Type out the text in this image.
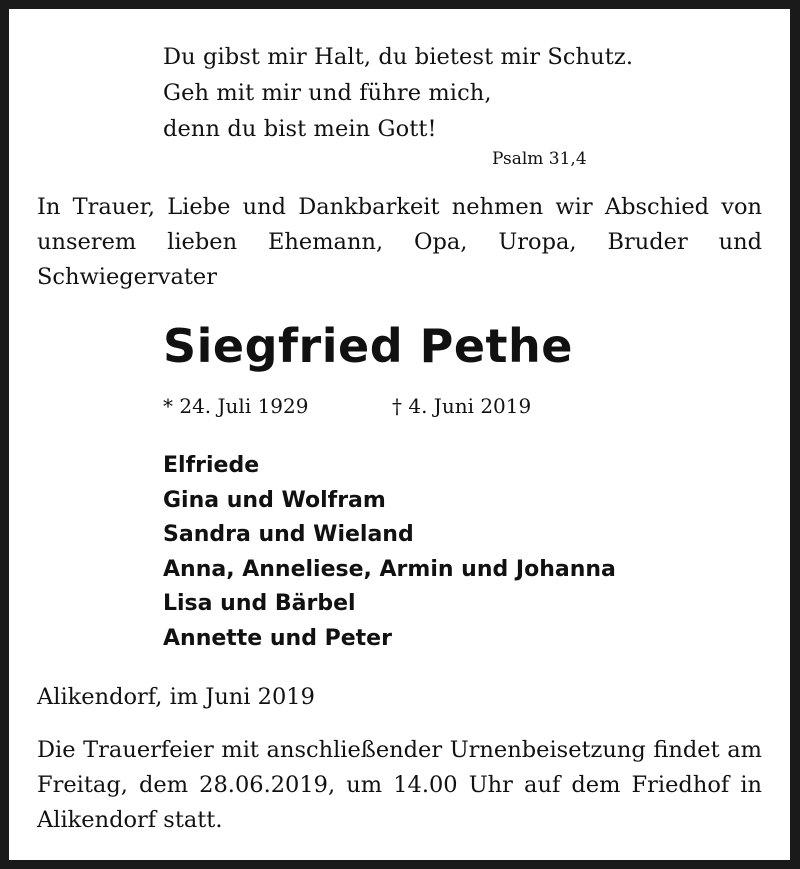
Du gibst mir Halt, du bietest mir Schutz.
Geh mit mir und führe mich,
denn du bist mein Gott!
Psalm 31,4
In Trauer, Liebe und Dankbarkeit nehmen wir Abschied von unserem lieben Ehemann, Opa, Uropa, Bruder und Schwiegervater
Siegfried Pethe
* 24. Juli 1929	† 4. Juni 2019
Elfriede
Gina und Wolfram
Sandra und Wieland
Anna, Anneliese, Armin und Johanna
Lisa und Bärbel
Annette und Peter
Alikendorf, im Juni 2019
Die Trauerfeier mit anschließender Urnenbeisetzung findet am Freitag, dem 28.06.2019, um 14.00 Uhr auf dem Friedhof in Alikendorf statt.
